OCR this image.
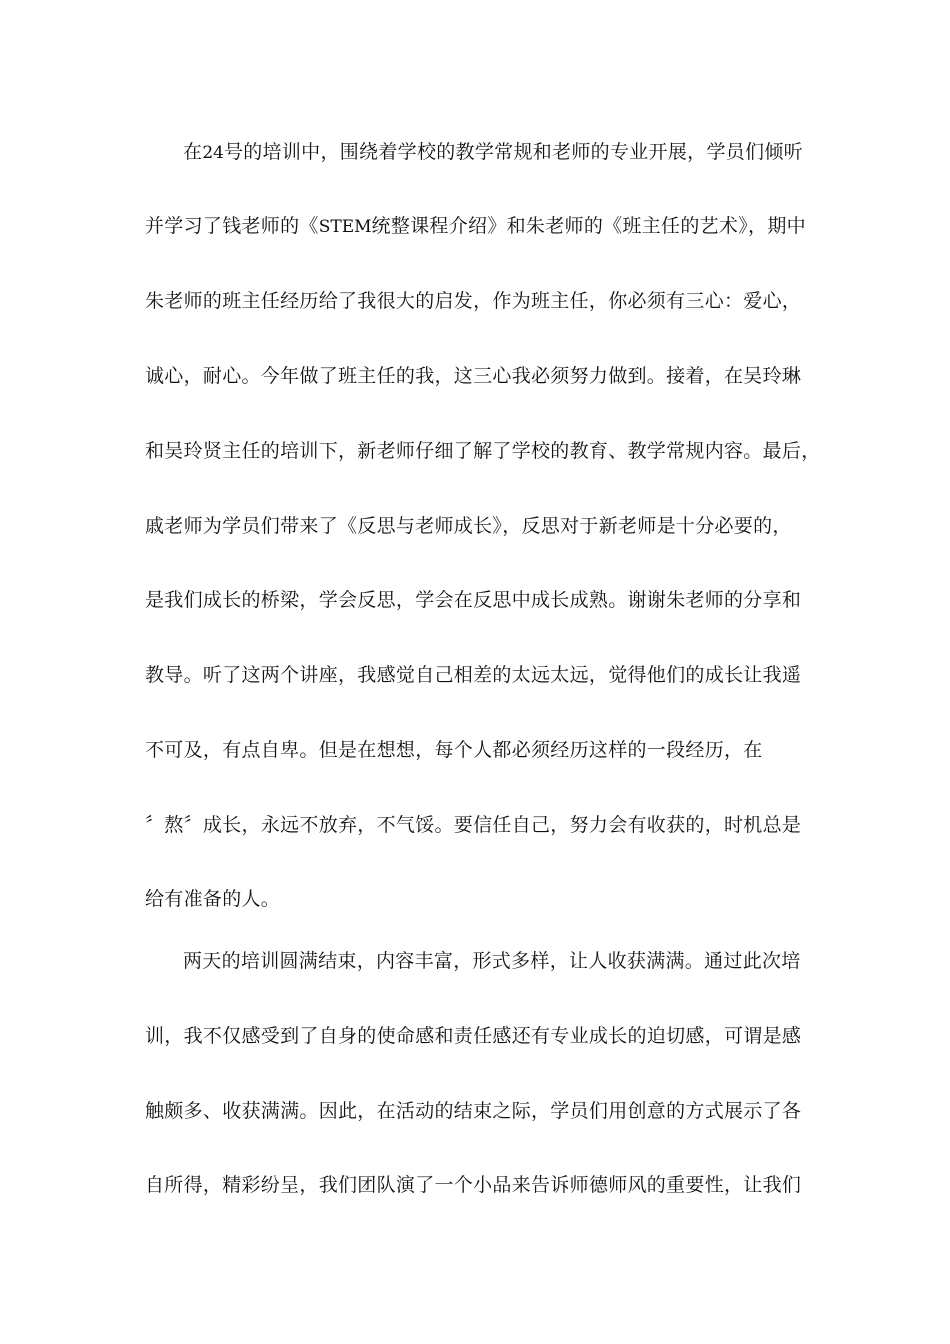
在24号的培训中，围绕着学校的教学常规和老师的专业开展，学员们倾听
并学习了钱老师的《STEM统整课程介绍》和朱老师的《班主任的艺术》，期中
朱老师的班主任经历给了我很大的启发，作为班主任，你必须有三心：爱心，
诚心，耐心。今年做了班主任的我，这三心我必须努力做到。接着，在吴玲琳
和吴玲贤主任的培训下，新老师仔细了解了学校的教育、教学常规内容。最后，
戚老师为学员们带来了《反思与老师成长》，反思对于新老师是十分必要的，
是我们成长的桥梁，学会反思，学会在反思中成长成熟。谢谢朱老师的分享和
教导。听了这两个讲座，我感觉自己相差的太远太远，觉得他们的成长让我遥
不可及，有点自卑。但是在想想，每个人都必须经历这样的一段经历，在
〞熬〞成长，永远不放弃，不气馁。要信任自己，努力会有收获的，时机总是
给有准备的人。
两天的培训圆满结束，内容丰富，形式多样，让人收获满满。通过此次培
训，我不仅感受到了自身的使命感和责任感还有专业成长的迫切感，可谓是感
触颇多、收获满满。因此，在活动的结束之际，学员们用创意的方式展示了各
自所得，精彩纷呈，我们团队演了一个小品来告诉师德师风的重要性，让我们
